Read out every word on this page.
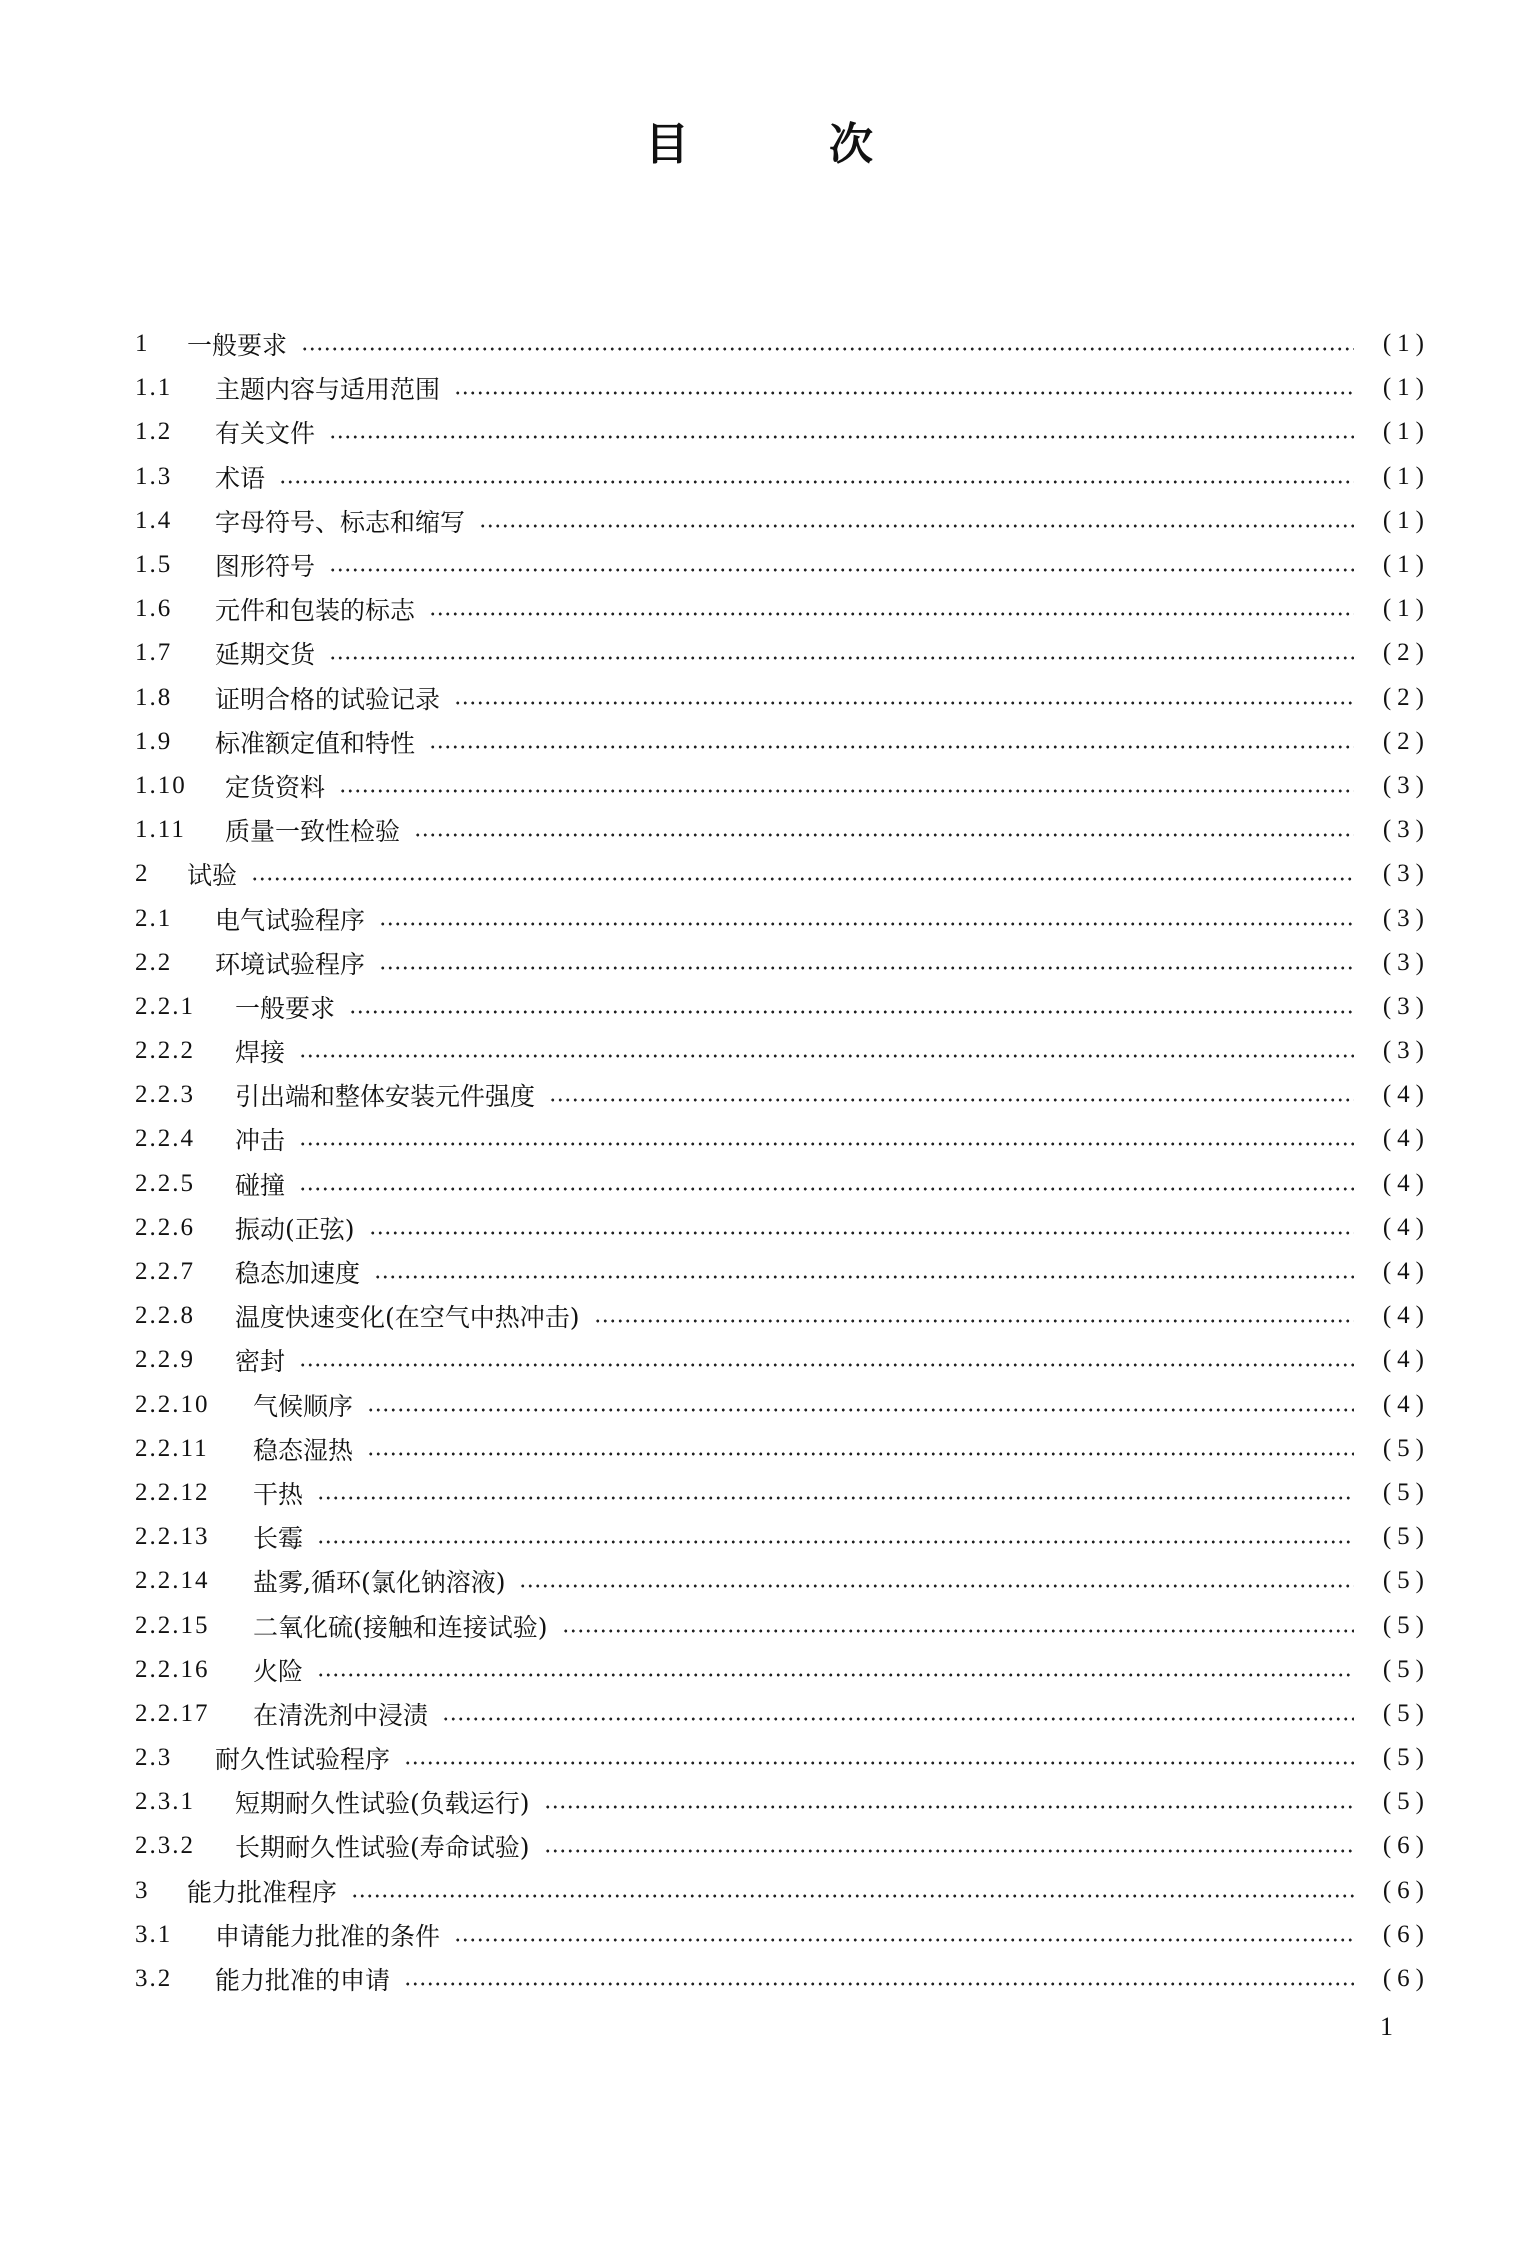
目	次
1	一般要求	(1)
1.1	主题内容与适用范围	(1)
1.2	有关文件	(1)
1.3	术语	(1)
1.4	字母符号、标志和缩写	(1)
1.5	图形符号	(1)
1.6	元件和包装的标志	(1)
1.7	延期交货	(2)
1.8	证明合格的试验记录	(2)
1.9	标准额定值和特性	(2)
1.10	定货资料	(3)
1.11	质量一致性检验	(3)
2	试验	(3)
2.1	电气试验程序	(3)
2.2	环境试验程序	(3)
2.2.1	一般要求	(3)
2.2.2	焊接	(3)
2.2.3	引出端和整体安装元件强度	(4)
2.2.4	冲击	(4)
2.2.5	碰撞	(4)
2.2.6	振动(正弦)	(4)
2.2.7	稳态加速度	(4)
2.2.8	温度快速变化(在空气中热冲击)	(4)
2.2.9	密封	(4)
2.2.10	气候顺序	(4)
2.2.11	稳态湿热	(5)
2.2.12	干热	(5)
2.2.13	长霉	(5)
2.2.14	盐雾,循环(氯化钠溶液)	(5)
2.2.15	二氧化硫(接触和连接试验)	(5)
2.2.16	火险	(5)
2.2.17	在清洗剂中浸渍	(5)
2.3	耐久性试验程序	(5)
2.3.1	短期耐久性试验(负载运行)	(5)
2.3.2	长期耐久性试验(寿命试验)	(6)
3	能力批准程序	(6)
3.1	申请能力批准的条件	(6)
3.2	能力批准的申请	(6)
1
